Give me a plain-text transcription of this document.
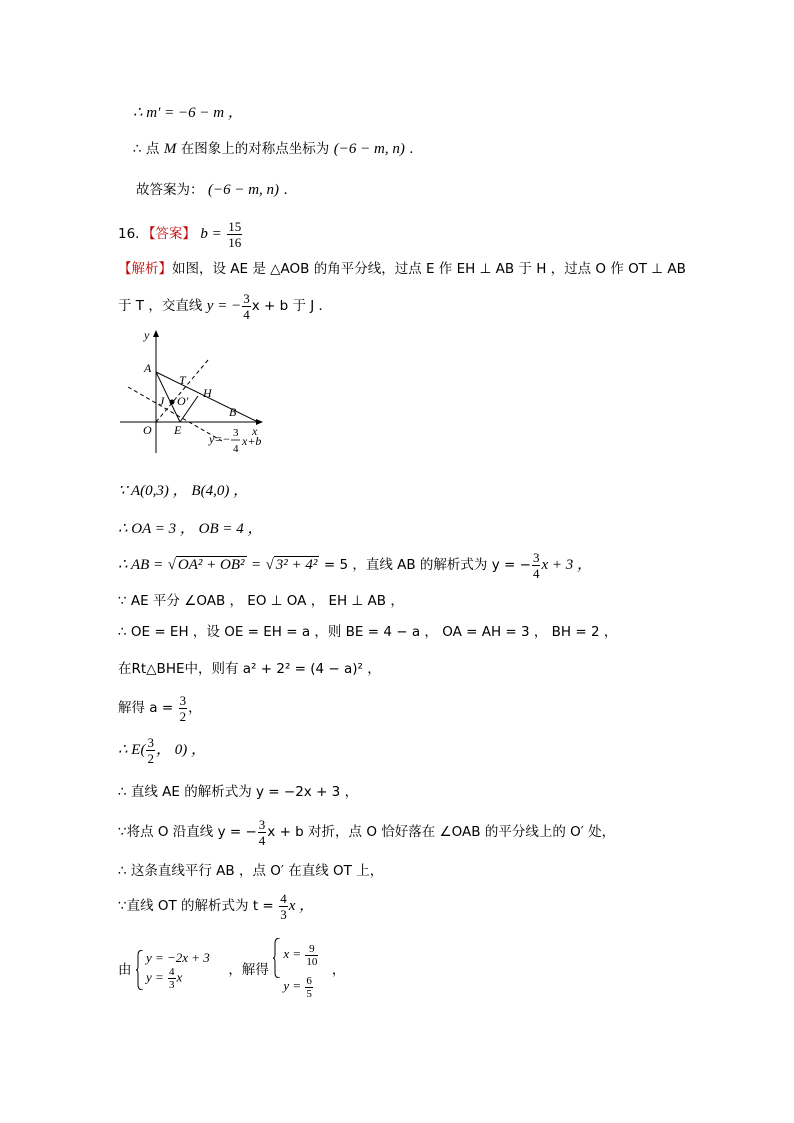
∴ m′ = −6 − m ，
∴ 点 M 在图象上的对称点坐标为 (−6 − m, n) ．
故答案为： (−6 − m, n) ．
16．【答案】 $b = \frac{15}{16}$
【解析】如图，设 AE 是 △AOB 的角平分线，过点 E 作 EH ⊥ AB 于 H ，过点 O 作 OT ⊥ AB
于 T ，交直线 y = − $\frac{3}{4}$ x + b 于 J ．
y
x
A
T
H
J O′
B
O E
y=− 3
4
x+b
∵ A(0,3) ， B(4,0) ，
∴ OA = 3 ， OB = 4 ，
∴ AB = √ OA² + OB² = √ 3² + 4² = 5 ，直线 AB 的解析式为 y = − $\frac{3}{4}$ x + 3 ，
∵ AE 平分 ∠OAB ， EO ⊥ OA ， EH ⊥ AB ，
∴ OE = EH ，设 OE = EH = a ，则 BE = 4 − a ， OA = AH = 3 ， BH = 2 ，
在Rt△BHE中，则有 a² + 2² = (4 − a)² ，
解得 $a = \frac{3}{2}$ ，
∴ $E( \frac{3}{2}$ ， 0) ，
∴ 直线 AE 的解析式为 y = −2x + 3 ，
∵将点 O 沿直线 y = − $\frac{3}{4}$ x + b 对折，点 O 恰好落在 ∠OAB 的平分线上的 O′ 处，
∴ 这条直线平行 AB ，点 O′ 在直线 OT 上，
∵直线 OT 的解析式为 $t = \frac{4}{3}$ x ，
由
y = −2x + 3
$y = \frac{4}{3}$ x	，解得
$x = \frac{9}{10}$
$y = \frac{6}{5}$
，
